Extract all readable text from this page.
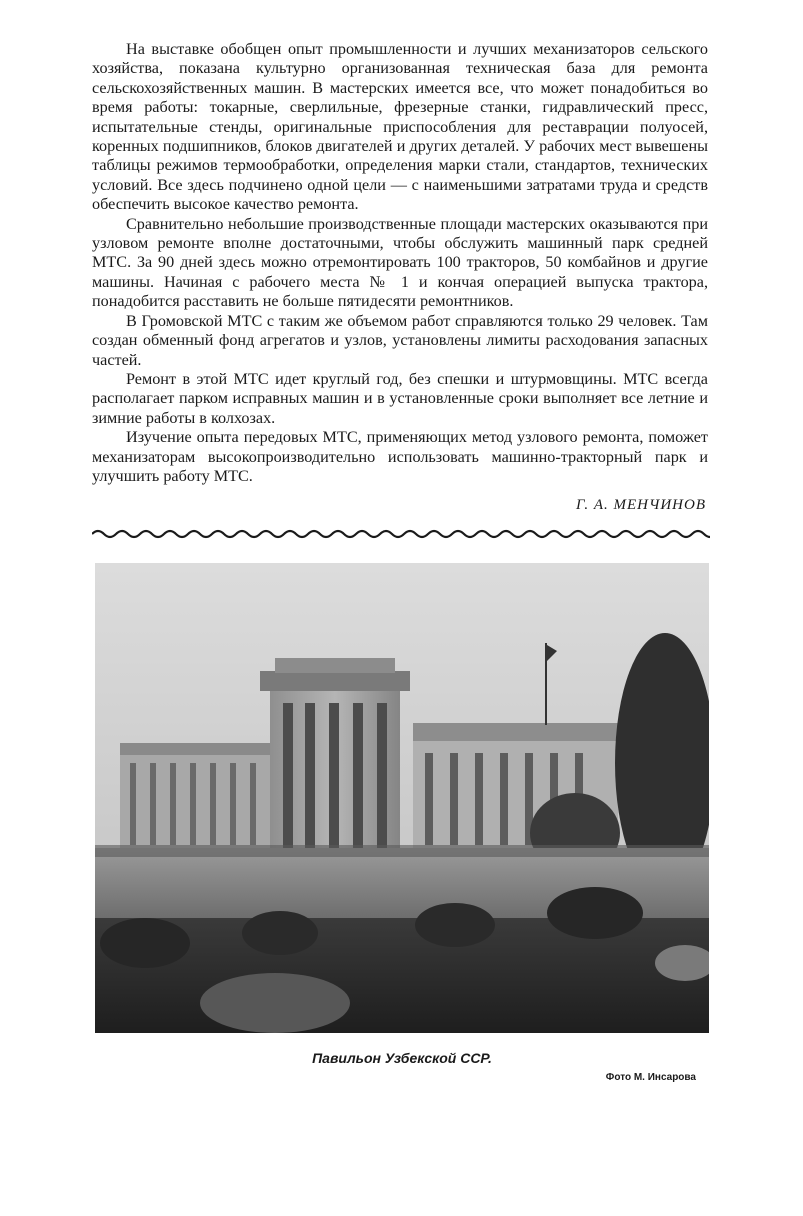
На выставке обобщен опыт промышленности и лучших механизаторов сельского хозяйства, показана культурно организованная техническая база для ремонта сельскохозяйственных машин. В мастерских имеется все, что может понадобиться во время работы: токарные, сверлильные, фрезерные станки, гидравлический пресс, испытательные стенды, оригинальные приспособления для реставрации полуосей, коренных подшипников, блоков двигателей и других деталей. У рабочих мест вывешены таблицы режимов термообработки, определения марки стали, стандартов, технических условий. Все здесь подчинено одной цели — с наименьшими затратами труда и средств обеспечить высокое качество ремонта.

Сравнительно небольшие производственные площади мастерских оказываются при узловом ремонте вполне достаточными, чтобы обслужить машинный парк средней МТС. За 90 дней здесь можно отремонтировать 100 тракторов, 50 комбайнов и другие машины. Начиная с рабочего места № 1 и кончая операцией выпуска трактора, понадобится расставить не больше пятидесяти ремонтников.

В Громовской МТС с таким же объемом работ справляются только 29 человек. Там создан обменный фонд агрегатов и узлов, установлены лимиты расходования запасных частей.

Ремонт в этой МТС идет круглый год, без спешки и штурмовщины. МТС всегда располагает парком исправных машин и в установленные сроки выполняет все летние и зимние работы в колхозах.

Изучение опыта передовых МТС, применяющих метод узлового ремонта, поможет механизаторам высокопроизводительно использовать машинно-тракторный парк и улучшить работу МТС.

Г. А. МЕНЧИНОВ
Павильон Узбекской ССР.
Фото М. Инсарова
